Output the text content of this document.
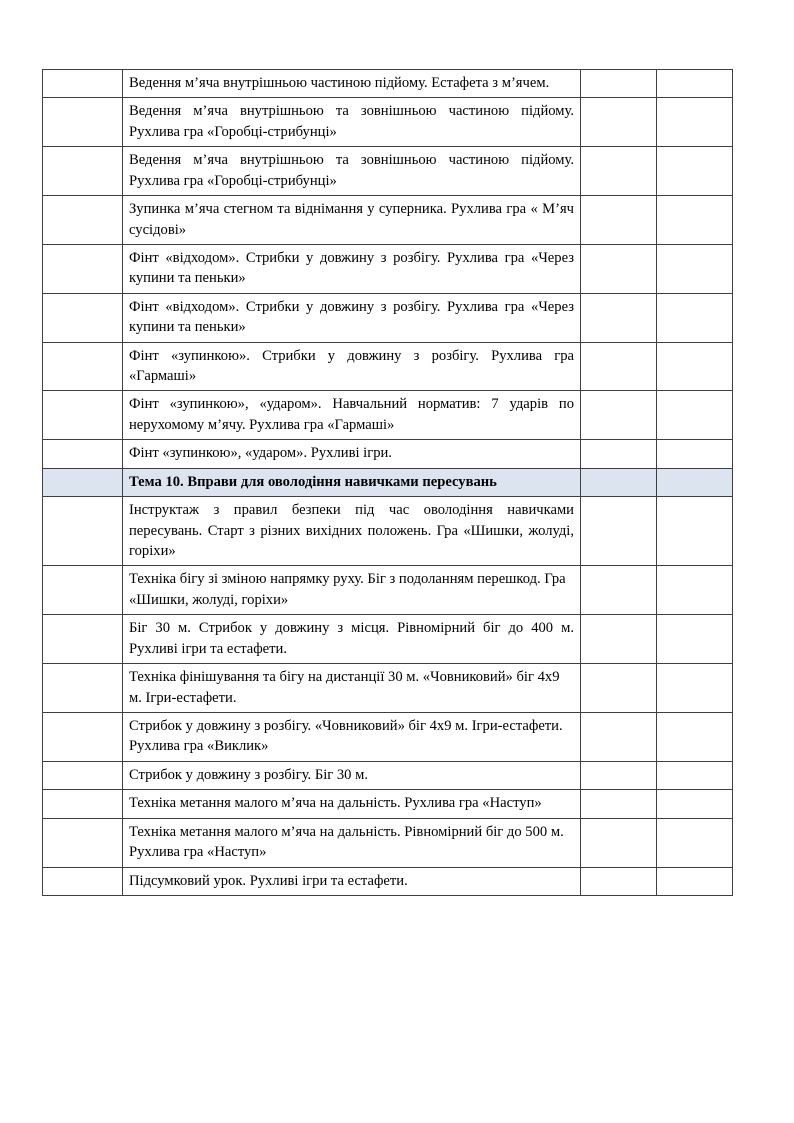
	Ведення м’яча внутрішньою частиною підйому. Естафета з м’ячем.		

	Ведення м’яча внутрішньою та зовнішньою частиною підйому. Рухлива гра «Горобці-стрибунці»		

	Ведення м’яча внутрішньою та зовнішньою частиною підйому. Рухлива гра «Горобці-стрибунці»		

	Зупинка м’яча стегном та віднімання у суперника. Рухлива гра « М’яч сусідові»		

	Фінт «відходом». Стрибки у довжину з розбігу. Рухлива гра «Через купини та пеньки»		

	Фінт «відходом». Стрибки у довжину з розбігу. Рухлива гра «Через купини та пеньки»		

	Фінт «зупинкою». Стрибки у довжину з розбігу. Рухлива гра «Гармаші»		

	Фінт «зупинкою», «ударом». Навчальний норматив: 7 ударів по нерухомому м’ячу. Рухлива гра «Гармаші»		

	Фінт «зупинкою», «ударом». Рухливі ігри.		

	Тема 10. Вправи для оволодіння навичками пересувань		

	Інструктаж з правил безпеки під час оволодіння навичками пересувань. Старт з різних вихідних положень. Гра «Шишки, жолуді, горіхи»		

	Техніка бігу зі зміною напрямку руху. Біг з подоланням перешкод. Гра «Шишки, жолуді, горіхи»		

	Біг 30 м. Стрибок у довжину з місця. Рівномірний біг до 400 м. Рухливі ігри та естафети.		

	Техніка фінішування та бігу на дистанції 30 м. «Човниковий» біг 4х9 м. Ігри-естафети.		

	Стрибок у довжину з розбігу. «Човниковий» біг 4х9 м. Ігри-естафети. Рухлива гра «Виклик»		

	Стрибок у довжину з розбігу. Біг 30 м.		

	Техніка метання малого м’яча на дальність. Рухлива гра «Наступ»		

	Техніка метання малого м’яча на дальність. Рівномірний біг до 500 м. Рухлива гра «Наступ»		

	Підсумковий урок. Рухливі ігри та естафети.		
